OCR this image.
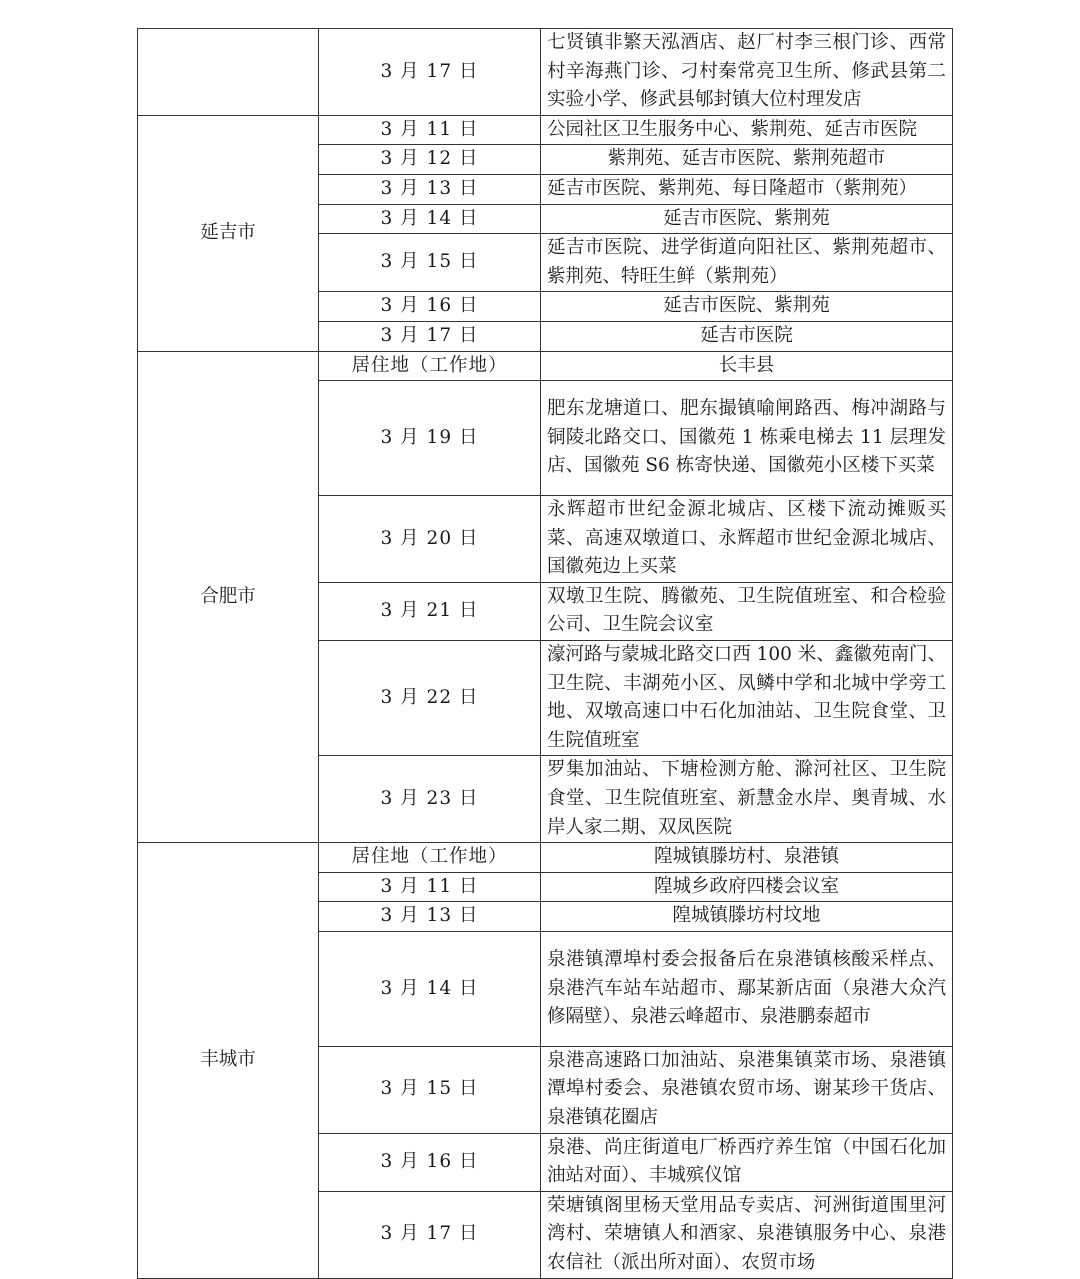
	3 月 17 日	七贤镇非繁天泓酒店、赵厂村李三根门诊、西常村辛海燕门诊、刁村秦常亮卫生所、修武县第二实验小学、修武县郇封镇大位村理发店
延吉市	3 月 11 日	公园社区卫生服务中心、紫荆苑、延吉市医院
	3 月 12 日	紫荆苑、延吉市医院、紫荆苑超市
	3 月 13 日	延吉市医院、紫荆苑、每日隆超市（紫荆苑）
	3 月 14 日	延吉市医院、紫荆苑
	3 月 15 日	延吉市医院、进学街道向阳社区、紫荆苑超市、紫荆苑、特旺生鲜（紫荆苑）
	3 月 16 日	延吉市医院、紫荆苑
	3 月 17 日	延吉市医院
合肥市	居住地（工作地）	长丰县
	3 月 19 日	肥东龙塘道口、肥东撮镇喻闸路西、梅冲湖路与铜陵北路交口、国徽苑 1 栋乘电梯去 11 层理发店、国徽苑 S6 栋寄快递、国徽苑小区楼下买菜
	3 月 20 日	永辉超市世纪金源北城店、区楼下流动摊贩买菜、高速双墩道口、永辉超市世纪金源北城店、国徽苑边上买菜
	3 月 21 日	双墩卫生院、腾徽苑、卫生院值班室、和合检验公司、卫生院会议室
	3 月 22 日	濠河路与蒙城北路交口西 100 米、鑫徽苑南门、卫生院、丰湖苑小区、凤鳞中学和北城中学旁工地、双墩高速口中石化加油站、卫生院食堂、卫生院值班室
	3 月 23 日	罗集加油站、下塘检测方舱、滁河社区、卫生院食堂、卫生院值班室、新慧金水岸、奥青城、水岸人家二期、双凤医院
丰城市	居住地（工作地）	隍城镇滕坊村、泉港镇
	3 月 11 日	隍城乡政府四楼会议室
	3 月 13 日	隍城镇滕坊村坟地
	3 月 14 日	泉港镇潭埠村委会报备后在泉港镇核酸采样点、泉港汽车站车站超市、鄢某新店面（泉港大众汽修隔壁）、泉港云峰超市、泉港鹏泰超市
	3 月 15 日	泉港高速路口加油站、泉港集镇菜市场、泉港镇潭埠村委会、泉港镇农贸市场、谢某珍干货店、泉港镇花圈店
	3 月 16 日	泉港、尚庄街道电厂桥西疗养生馆（中国石化加油站对面）、丰城殡仪馆
	3 月 17 日	荣塘镇阁里杨天堂用品专卖店、河洲街道围里河湾村、荣塘镇人和酒家、泉港镇服务中心、泉港农信社（派出所对面）、农贸市场
